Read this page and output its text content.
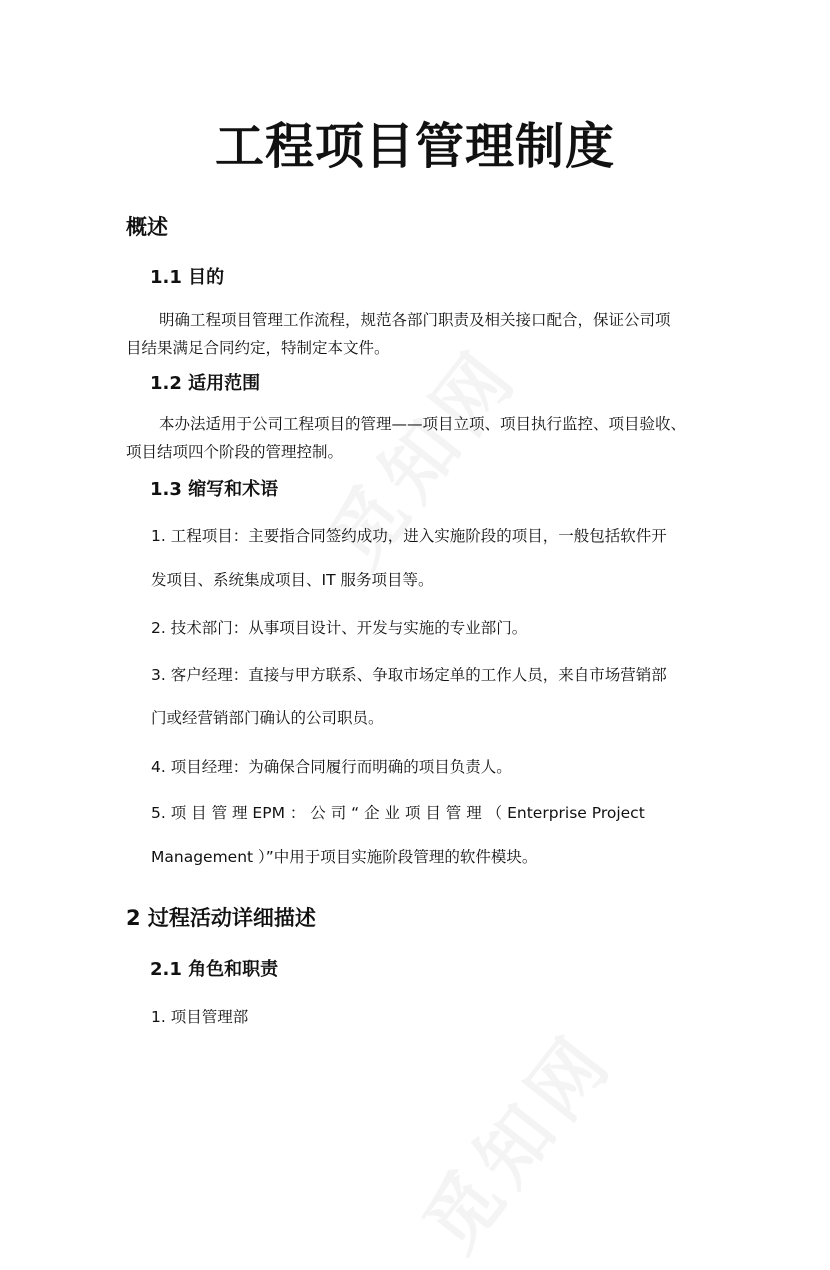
工程项目管理制度
概述
1.1 目的

明确工程项目管理工作流程，规范各部门职责及相关接口配合，保证公司项

目结果满足合同约定，特制定本文件。

1.2 适用范围

本办法适用于公司工程项目的管理——项目立项、项目执行监控、项目验收、

项目结项四个阶段的管理控制。

1.3 缩写和术语

1. 工程项目：主要指合同签约成功，进入实施阶段的项目，一般包括软件开

发项目、系统集成项目、IT 服务项目等。

2. 技术部门：从事项目设计、开发与实施的专业部门。

3. 客户经理：直接与甲方联系、争取市场定单的工作人员，来自市场营销部

门或经营销部门确认的公司职员。

4. 项目经理：为确保合同履行而明确的项目负责人。

5. 项 目 管 理 EPM ： 公 司 “ 企 业 项 目 管 理 （ Enterprise Project

Management ）”中用于项目实施阶段管理的软件模块。

2 过程活动详细描述
2.1 角色和职责

1. 项目管理部
